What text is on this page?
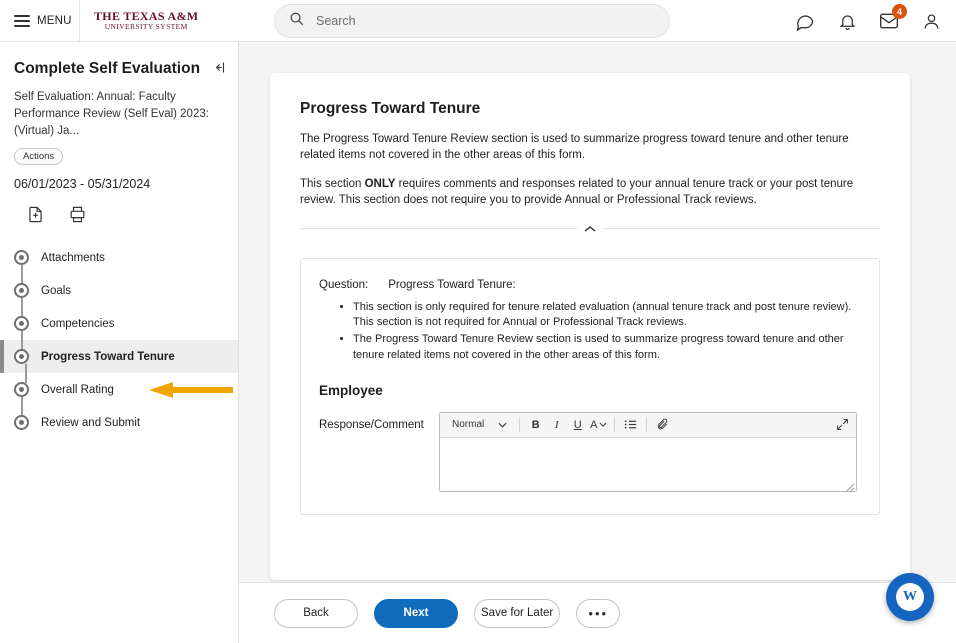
MENU THE TEXAS A&M
UNIVERSITY SYSTEM
Search
4
Complete Self Evaluation
Self Evaluation: Annual: Faculty Performance Review (Self Eval) 2023: (Virtual) Ja...
Actions
06/01/2023 - 05/31/2024
Attachments
Goals
Competencies
Progress Toward Tenure
Overall Rating
Review and Submit
Progress Toward Tenure
The Progress Toward Tenure Review section is used to summarize progress toward tenure and other tenure related items not covered in the other areas of this form.
This section ONLY requires comments and responses related to your annual tenure track or your post tenure review. This section does not require you to provide Annual or Professional Track reviews.
Question: Progress Toward Tenure:
• This section is only required for tenure related evaluation (annual tenure track and post tenure review). This section is not required for Annual or Professional Track reviews.
• The Progress Toward Tenure Review section is used to summarize progress toward tenure and other tenure related items not covered in the other areas of this form.
Employee
Response/Comment	Normal	B	I	U A
Back	Next	Save for Later	•••
W
